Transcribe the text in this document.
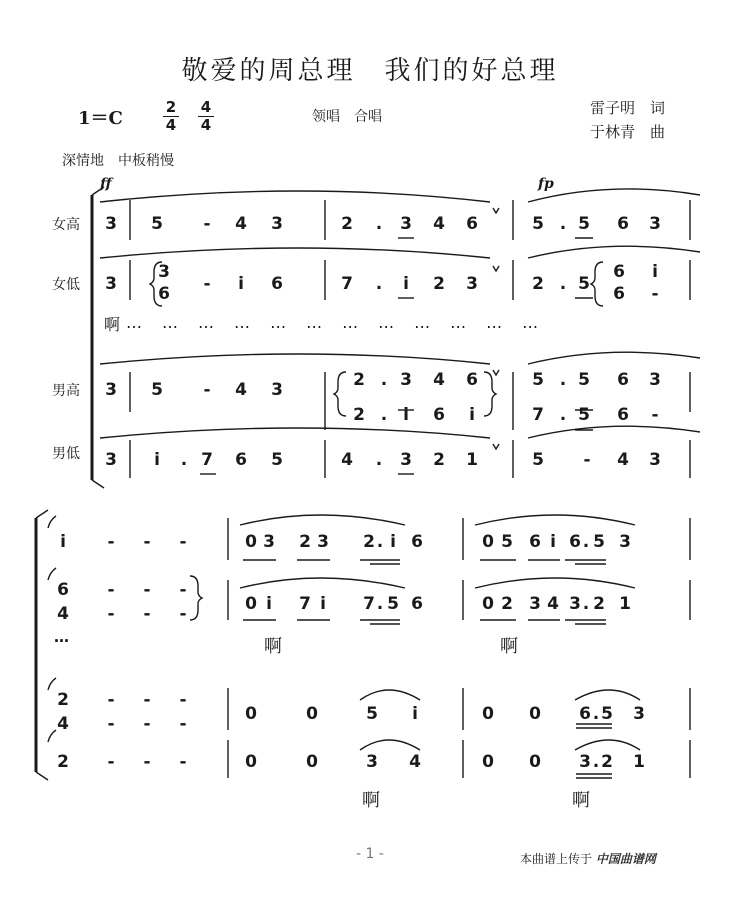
敬爱的周总理　我们的好总理
1＝C
2
4
4
4	领唱　合唱	雷子明　词
于林青　曲
深情地　中板稍慢
ff	fp
女高
女低
男高
男低
3 5 - 4 3	2 . 3 4 6	5 . 5 6 3
3
3
6 - i 6	7 . i 2 3	2 . 5
6
6
i
-
3 5 - 4 3	2 . 3 4 6
2 . i 6 i
5 . 5 6 3
7 . 5 6 -
3 i . 7 6 5	4 . 3 2 1	5 - 4 3
啊 …　 …　 …　 …　 …　 …　 …　 …　 …　 …　 …　 …
i - - -	0 3 2 3 2 . i 6	0 5 6 i 6 . 5 3
6
4
- - -
- - -	0 i 7 i 7 . 5 6	0 2 3 4 3 . 2 1
2
4
- - -
- - -	0	0	5 i	0 0 6 . 5 3
2 - - -	0	0	3 4	0 0 3 . 2 1
…	啊	啊
啊	啊
- 1 -	本曲谱上传于 中国曲谱网
